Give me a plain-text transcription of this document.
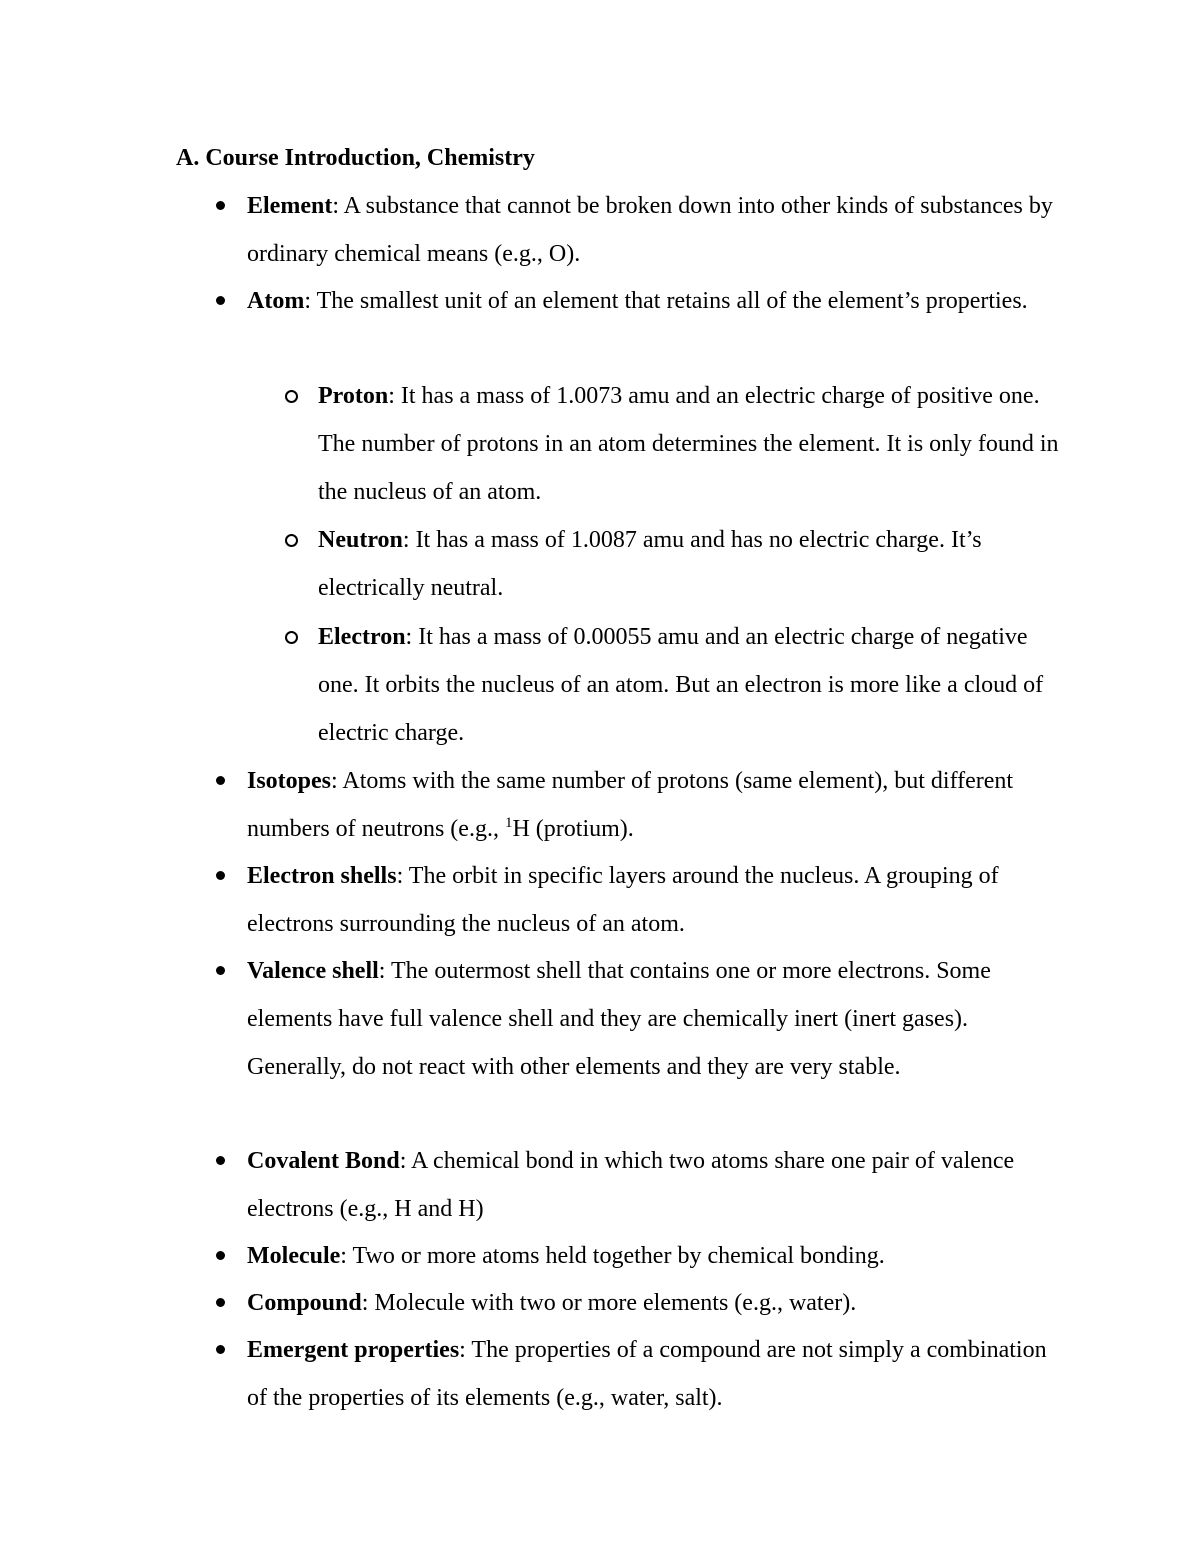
A. Course Introduction, Chemistry
Element: A substance that cannot be broken down into other kinds of substances by ordinary chemical means (e.g., O).
Atom: The smallest unit of an element that retains all of the element’s properties.
Proton: It has a mass of 1.0073 amu and an electric charge of positive one. The number of protons in an atom determines the element. It is only found in the nucleus of an atom.
Neutron: It has a mass of 1.0087 amu and has no electric charge. It’s electrically neutral.
Electron: It has a mass of 0.00055 amu and an electric charge of negative one. It orbits the nucleus of an atom. But an electron is more like a cloud of electric charge.
Isotopes: Atoms with the same number of protons (same element), but different numbers of neutrons (e.g., $^1$H (protium).
Electron shells: The orbit in specific layers around the nucleus. A grouping of electrons surrounding the nucleus of an atom.
Valence shell: The outermost shell that contains one or more electrons. Some elements have full valence shell and they are chemically inert (inert gases). Generally, do not react with other elements and they are very stable.
Covalent Bond: A chemical bond in which two atoms share one pair of valence electrons (e.g., H and H)
Molecule: Two or more atoms held together by chemical bonding.
Compound: Molecule with two or more elements (e.g., water).
Emergent properties: The properties of a compound are not simply a combination of the properties of its elements (e.g., water, salt).
